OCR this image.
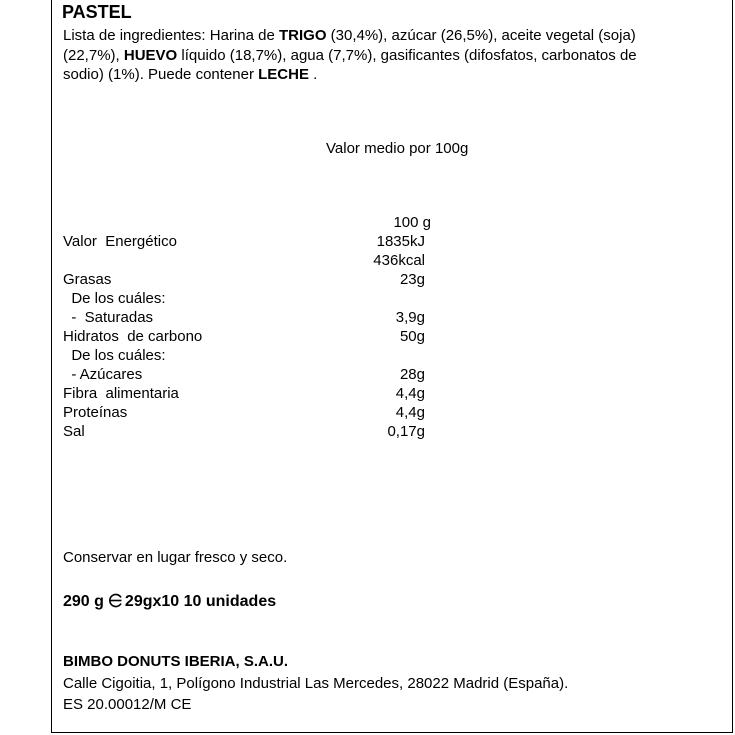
PASTEL
Lista de ingredientes: Harina de TRIGO (30,4%), azúcar (26,5%), aceite vegetal (soja)(22,7%), HUEVO líquido (18,7%), agua (7,7%), gasificantes (difosfatos, carbonatos de sodio) (1%). Puede contener LECHE .
Valor medio por 100g
100 g
Valor  Energético	1835kJ
436kcal
Grasas	23g
De los cuáles:
-  Saturadas	3,9g
Hidratos  de carbono	50g
De los cuáles:
- Azúcares	28g
Fibra  alimentaria	4,4g
Proteínas	4,4g
Sal	0,17g
Conservar en lugar fresco y seco.
290 g 29gx10 10 unidades
BIMBO DONUTS IBERIA, S.A.U.
Calle Cigoitia, 1, Polígono Industrial Las Mercedes, 28022 Madrid (España).
ES 20.00012/M CE
